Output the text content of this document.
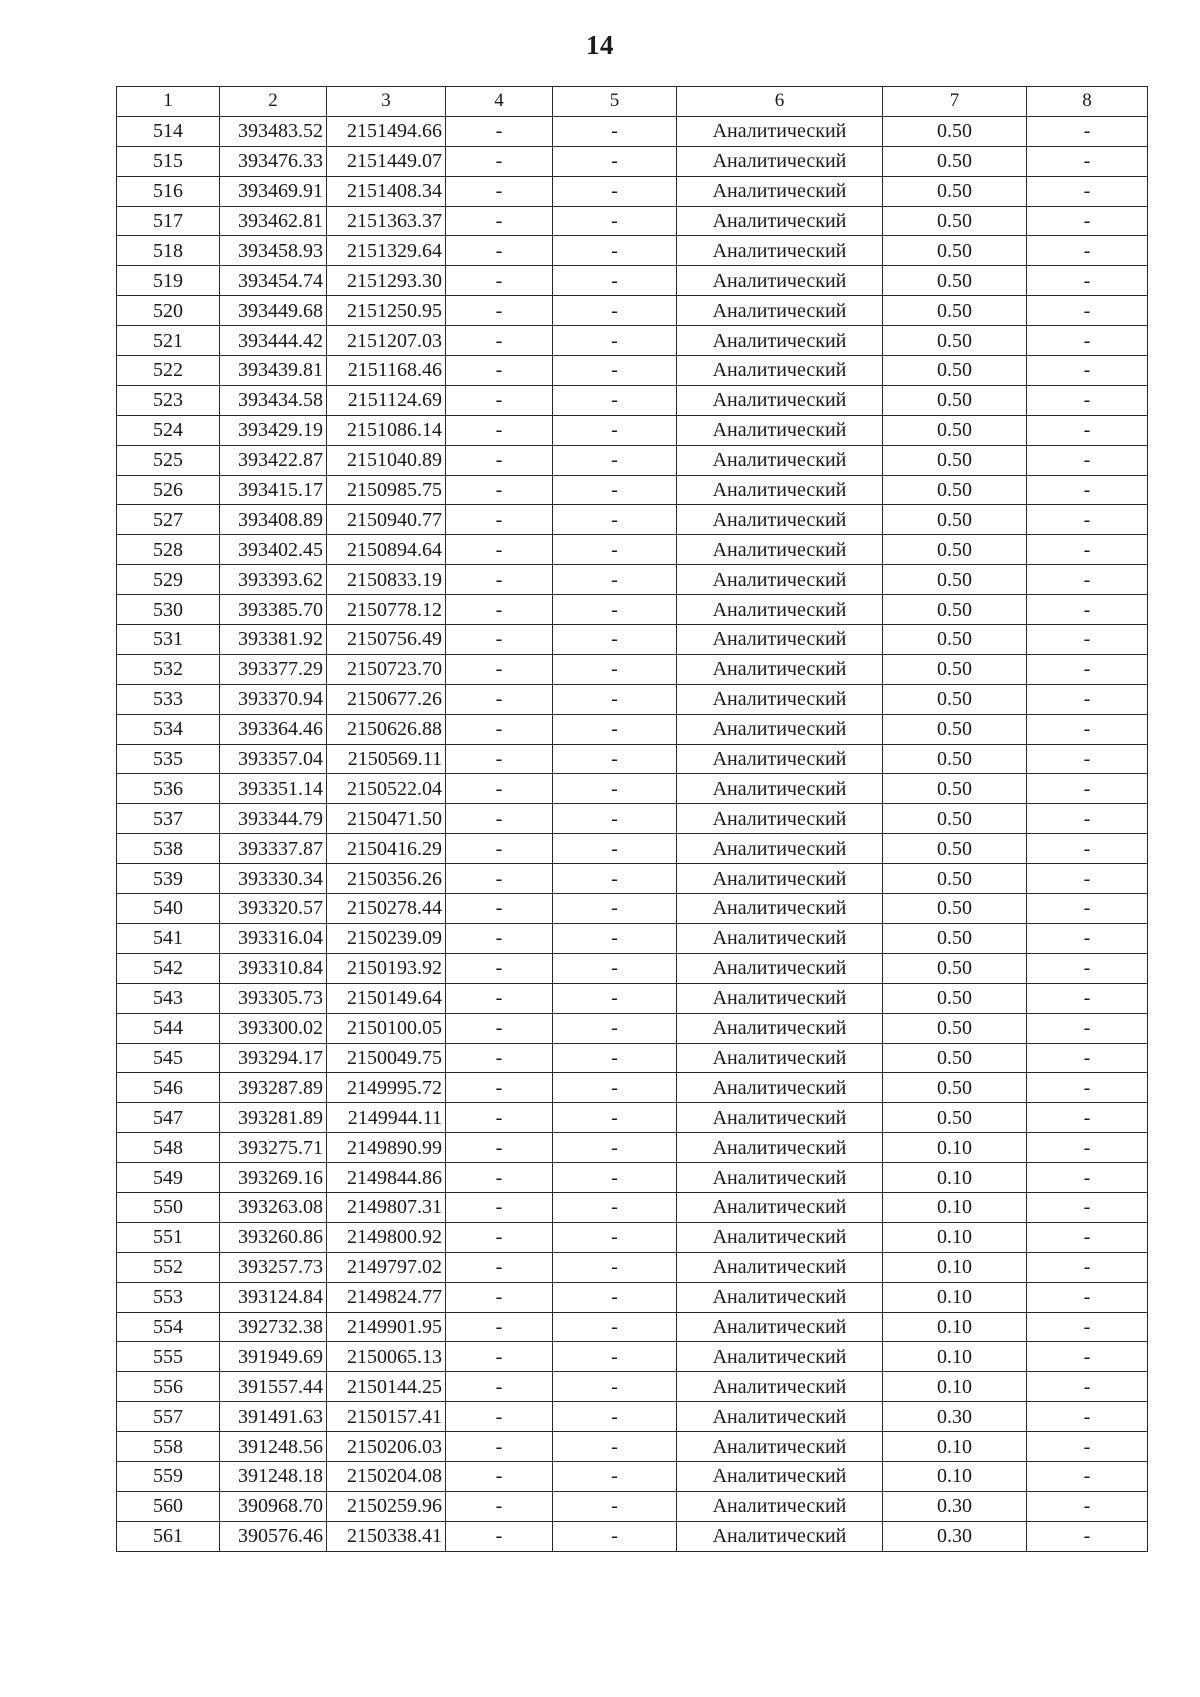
14
1	2	3	4	5	6	7	8
514	393483.52	2151494.66	-	-	Аналитический	0.50	-
515	393476.33	2151449.07	-	-	Аналитический	0.50	-
516	393469.91	2151408.34	-	-	Аналитический	0.50	-
517	393462.81	2151363.37	-	-	Аналитический	0.50	-
518	393458.93	2151329.64	-	-	Аналитический	0.50	-
519	393454.74	2151293.30	-	-	Аналитический	0.50	-
520	393449.68	2151250.95	-	-	Аналитический	0.50	-
521	393444.42	2151207.03	-	-	Аналитический	0.50	-
522	393439.81	2151168.46	-	-	Аналитический	0.50	-
523	393434.58	2151124.69	-	-	Аналитический	0.50	-
524	393429.19	2151086.14	-	-	Аналитический	0.50	-
525	393422.87	2151040.89	-	-	Аналитический	0.50	-
526	393415.17	2150985.75	-	-	Аналитический	0.50	-
527	393408.89	2150940.77	-	-	Аналитический	0.50	-
528	393402.45	2150894.64	-	-	Аналитический	0.50	-
529	393393.62	2150833.19	-	-	Аналитический	0.50	-
530	393385.70	2150778.12	-	-	Аналитический	0.50	-
531	393381.92	2150756.49	-	-	Аналитический	0.50	-
532	393377.29	2150723.70	-	-	Аналитический	0.50	-
533	393370.94	2150677.26	-	-	Аналитический	0.50	-
534	393364.46	2150626.88	-	-	Аналитический	0.50	-
535	393357.04	2150569.11	-	-	Аналитический	0.50	-
536	393351.14	2150522.04	-	-	Аналитический	0.50	-
537	393344.79	2150471.50	-	-	Аналитический	0.50	-
538	393337.87	2150416.29	-	-	Аналитический	0.50	-
539	393330.34	2150356.26	-	-	Аналитический	0.50	-
540	393320.57	2150278.44	-	-	Аналитический	0.50	-
541	393316.04	2150239.09	-	-	Аналитический	0.50	-
542	393310.84	2150193.92	-	-	Аналитический	0.50	-
543	393305.73	2150149.64	-	-	Аналитический	0.50	-
544	393300.02	2150100.05	-	-	Аналитический	0.50	-
545	393294.17	2150049.75	-	-	Аналитический	0.50	-
546	393287.89	2149995.72	-	-	Аналитический	0.50	-
547	393281.89	2149944.11	-	-	Аналитический	0.50	-
548	393275.71	2149890.99	-	-	Аналитический	0.10	-
549	393269.16	2149844.86	-	-	Аналитический	0.10	-
550	393263.08	2149807.31	-	-	Аналитический	0.10	-
551	393260.86	2149800.92	-	-	Аналитический	0.10	-
552	393257.73	2149797.02	-	-	Аналитический	0.10	-
553	393124.84	2149824.77	-	-	Аналитический	0.10	-
554	392732.38	2149901.95	-	-	Аналитический	0.10	-
555	391949.69	2150065.13	-	-	Аналитический	0.10	-
556	391557.44	2150144.25	-	-	Аналитический	0.10	-
557	391491.63	2150157.41	-	-	Аналитический	0.30	-
558	391248.56	2150206.03	-	-	Аналитический	0.10	-
559	391248.18	2150204.08	-	-	Аналитический	0.10	-
560	390968.70	2150259.96	-	-	Аналитический	0.30	-
561	390576.46	2150338.41	-	-	Аналитический	0.30	-
